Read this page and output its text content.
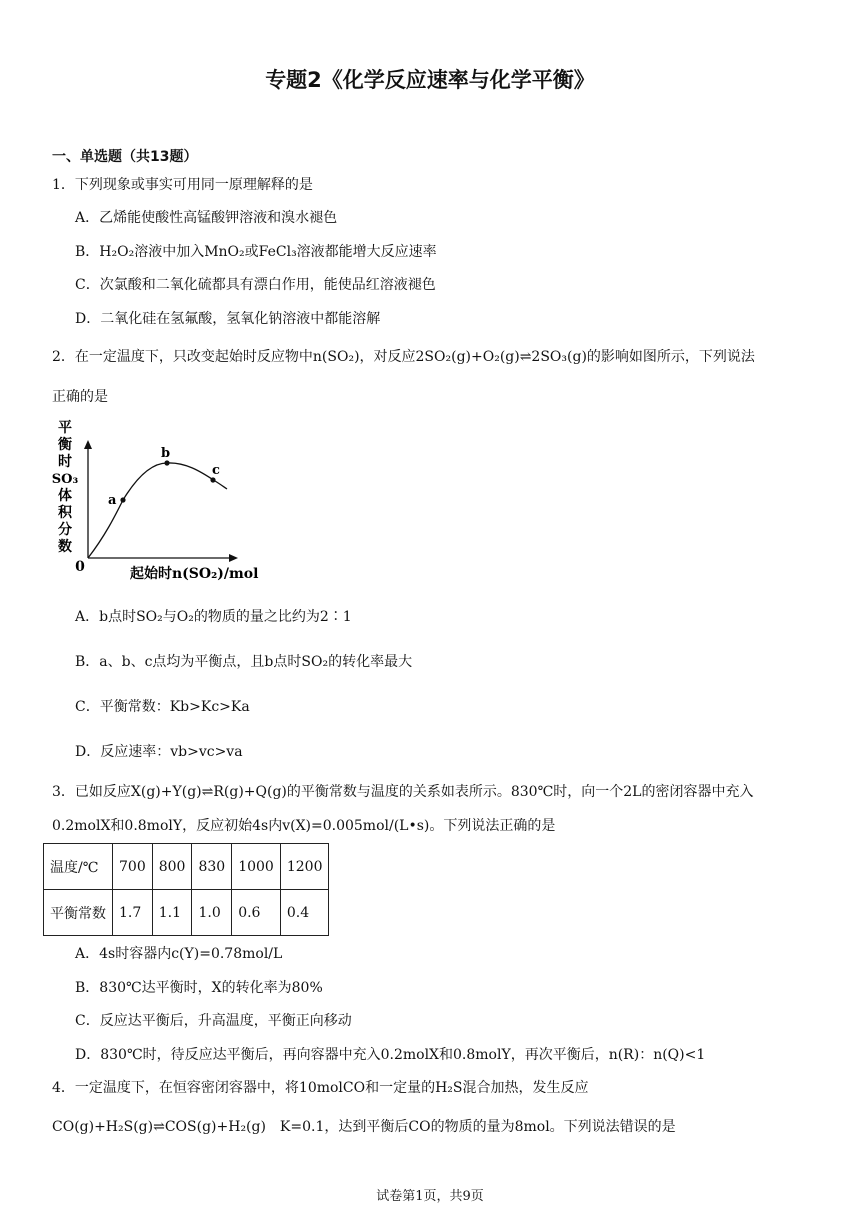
专题2《化学反应速率与化学平衡》
一、单选题（共13题）
1．下列现象或事实可用同一原理解释的是
A．乙烯能使酸性高锰酸钾溶液和溴水褪色
B．H₂O₂溶液中加入MnO₂或FeCl₃溶液都能增大反应速率
C．次氯酸和二氧化硫都具有漂白作用，能使品红溶液褪色
D．二氧化硅在氢氟酸，氢氧化钠溶液中都能溶解
2．在一定温度下，只改变起始时反应物中n(SO₂)，对反应2SO₂(g)+O₂(g)⇌2SO₃(g)的影响如图所示，下列说法
正确的是
平
衡
时
SO₃
体
积
分
数
0	起始时n(SO₂)/mol
a
b
c
A．b点时SO₂与O₂的物质的量之比约为2∶1
B．a、b、c点均为平衡点，且b点时SO₂的转化率最大
C．平衡常数：Kb>Kc>Ka
D．反应速率：vb>vc>va
3．已如反应X(g)+Y(g)⇌R(g)+Q(g)的平衡常数与温度的关系如表所示。830℃时，向一个2L的密闭容器中充入
0.2molX和0.8molY，反应初始4s内v(X)=0.005mol/(L•s)。下列说法正确的是
温度/℃	700	800	830	1000	1200
平衡常数	1.7	1.1	1.0	0.6	0.4
A．4s时容器内c(Y)=0.78mol/L
B．830℃达平衡时，X的转化率为80%
C．反应达平衡后，升高温度，平衡正向移动
D．830℃时，待反应达平衡后，再向容器中充入0.2molX和0.8molY，再次平衡后，n(R)：n(Q)<1
4．一定温度下，在恒容密闭容器中，将10molCO和一定量的H₂S混合加热，发生反应
CO(g)+H₂S(g)⇌COS(g)+H₂(g)　K=0.1，达到平衡后CO的物质的量为8mol。下列说法错误的是
试卷第1页，共9页
